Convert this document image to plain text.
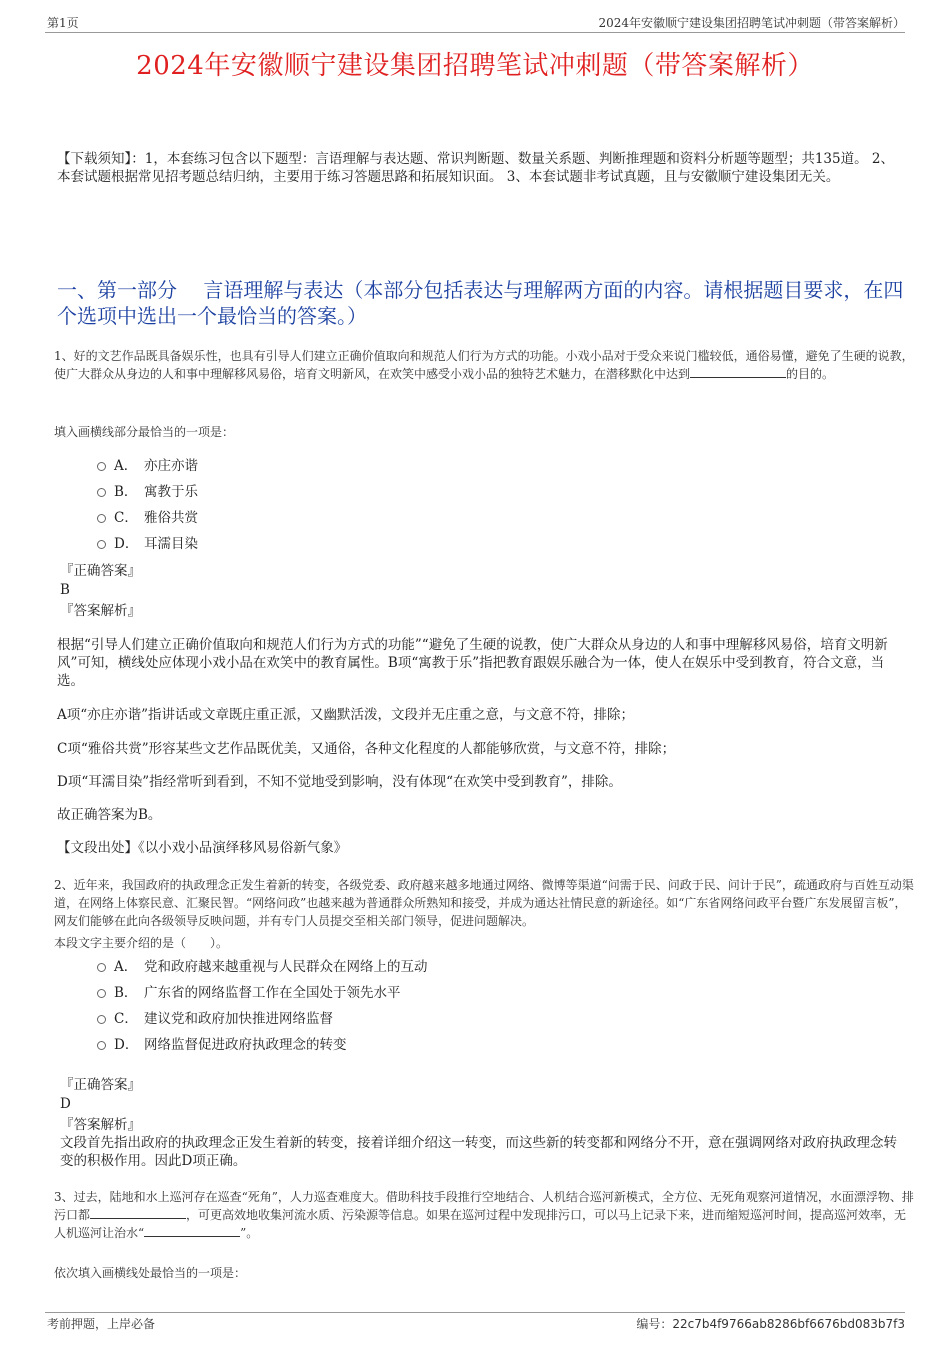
第1页	2024年安徽顺宁建设集团招聘笔试冲刺题（带答案解析）
2024年安徽顺宁建设集团招聘笔试冲刺题（带答案解析）
【下载须知】：1，本套练习包含以下题型：言语理解与表达题、常识判断题、数量关系题、判断推理题和资料分析题等题型；共135道。 2、本套试题根据常见招考题总结归纳，主要用于练习答题思路和拓展知识面。 3、本套试题非考试真题，且与安徽顺宁建设集团无关。
一、第一部分　 言语理解与表达（本部分包括表达与理解两方面的内容。请根据题目要求，在四个选项中选出一个最恰当的答案。）
1、好的文艺作品既具备娱乐性，也具有引导人们建立正确价值取向和规范人们行为方式的功能。小戏小品对于受众来说门槛较低，通俗易懂，避免了生硬的说教，使广大群众从身边的人和事中理解移风易俗，培育文明新风，在欢笑中感受小戏小品的独特艺术魅力，在潜移默化中达到	的目的。
填入画横线部分最恰当的一项是：
A． 亦庄亦谐
B． 寓教于乐
C． 雅俗共赏
D． 耳濡目染
『正确答案』
B
『答案解析』
根据“引导人们建立正确价值取向和规范人们行为方式的功能”“避免了生硬的说教，使广大群众从身边的人和事中理解移风易俗，培育文明新风”可知，横线处应体现小戏小品在欢笑中的教育属性。B项“寓教于乐”指把教育跟娱乐融合为一体，使人在娱乐中受到教育，符合文意，当选。
A项“亦庄亦谐”指讲话或文章既庄重正派，又幽默活泼，文段并无庄重之意，与文意不符，排除；
C项“雅俗共赏”形容某些文艺作品既优美，又通俗，各种文化程度的人都能够欣赏，与文意不符，排除；
D项“耳濡目染”指经常听到看到，不知不觉地受到影响，没有体现“在欢笑中受到教育”，排除。
故正确答案为B。
【文段出处】《以小戏小品演绎移风易俗新气象》
2、近年来，我国政府的执政理念正发生着新的转变，各级党委、政府越来越多地通过网络、微博等渠道“问需于民、问政于民、问计于民”，疏通政府与百姓互动渠道，在网络上体察民意、汇聚民智。“网络问政”也越来越为普通群众所熟知和接受，并成为通达社情民意的新途径。如“广东省网络问政平台暨广东发展留言板”，网友们能够在此向各级领导反映问题，并有专门人员提交至相关部门领导，促进问题解决。
本段文字主要介绍的是（　　）。
A． 党和政府越来越重视与人民群众在网络上的互动
B． 广东省的网络监督工作在全国处于领先水平
C． 建议党和政府加快推进网络监督
D． 网络监督促进政府执政理念的转变
『正确答案』
D
『答案解析』
文段首先指出政府的执政理念正发生着新的转变，接着详细介绍这一转变，而这些新的转变都和网络分不开，意在强调网络对政府执政理念转变的积极作用。因此D项正确。
3、过去，陆地和水上巡河存在巡查“死角”，人力巡查难度大。借助科技手段推行空地结合、人机结合巡河新模式，全方位、无死角观察河道情况，水面漂浮物、排污口都	，可更高效地收集河流水质、污染源等信息。如果在巡河过程中发现排污口，可以马上记录下来，进而缩短巡河时间，提高巡河效率，无人机巡河让治水“	”。
依次填入画横线处最恰当的一项是：
考前押题，上岸必备	编号：22c7b4f9766ab8286bf6676bd083b7f3
